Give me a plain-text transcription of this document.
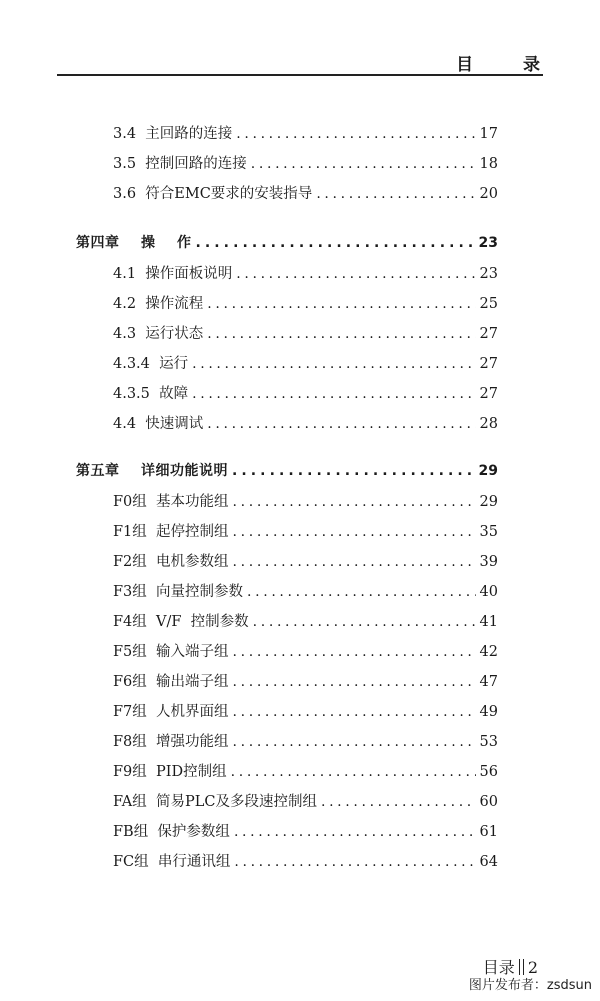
目 录
3.4  主回路的连接 . . .	17
3.5  控制回路的连接 . . .	18
3.6  符合EMC要求的安装指导 . . .	20
第四章    操    作 . . .	23
4.1  操作面板说明 . . .	23
4.2  操作流程 . . .	25
4.3  运行状态 . . .	27
4.3.4  运行 . . .	27
4.3.5  故障 . . .	27
4.4  快速调试 . . .	28
第五章    详细功能说明 . . .	29
F0组  基本功能组 . . .	29
F1组  起停控制组 . . .	35
F2组  电机参数组 . . .	39
F3组  向量控制参数 . . .	40
F4组  V/F  控制参数 . . .	41
F5组  输入端子组 . . .	42
F6组  输出端子组 . . .	47
F7组  人机界面组 . . .	49
F8组  增强功能组 . . .	53
F9组  PID控制组 . . .	56
FA组  简易PLC及多段速控制组 . . .	60
FB组  保护参数组 . . .	61
FC组  串行通讯组 . . .	64
目录 2
图片发布者：zsdsun
